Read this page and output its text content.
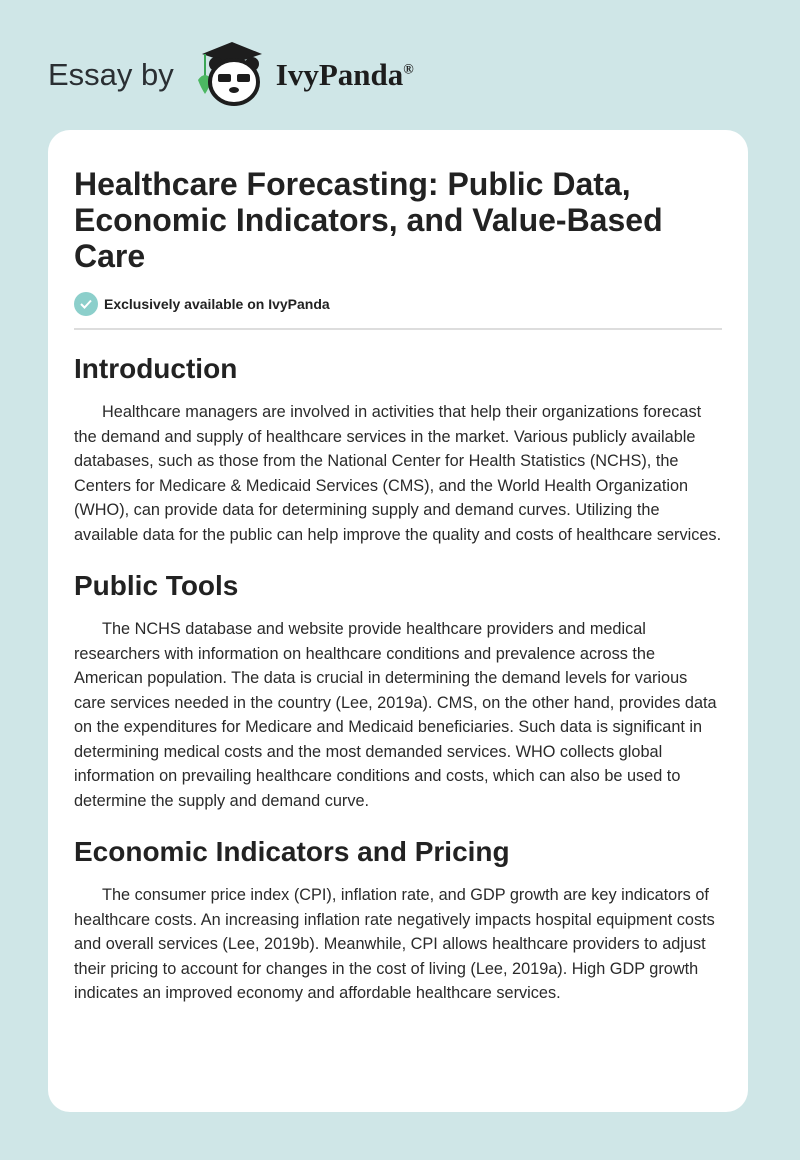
Essay by	IvyPanda®
Healthcare Forecasting: Public Data, Economic Indicators, and Value-Based Care
Exclusively available on IvyPanda
Introduction

Healthcare managers are involved in activities that help their organizations forecast the demand and supply of healthcare services in the market. Various publicly available databases, such as those from the National Center for Health Statistics (NCHS), the Centers for Medicare & Medicaid Services (CMS), and the World Health Organization (WHO), can provide data for determining supply and demand curves. Utilizing the available data for the public can help improve the quality and costs of healthcare services.

Public Tools

The NCHS database and website provide healthcare providers and medical researchers with information on healthcare conditions and prevalence across the American population. The data is crucial in determining the demand levels for various care services needed in the country (Lee, 2019a). CMS, on the other hand, provides data on the expenditures for Medicare and Medicaid beneficiaries. Such data is significant in determining medical costs and the most demanded services. WHO collects global information on prevailing healthcare conditions and costs, which can also be used to determine the supply and demand curve.

Economic Indicators and Pricing

The consumer price index (CPI), inflation rate, and GDP growth are key indicators of healthcare costs. An increasing inflation rate negatively impacts hospital equipment costs and overall services (Lee, 2019b). Meanwhile, CPI allows healthcare providers to adjust their pricing to account for changes in the cost of living (Lee, 2019a). High GDP growth indicates an improved economy and affordable healthcare services.
